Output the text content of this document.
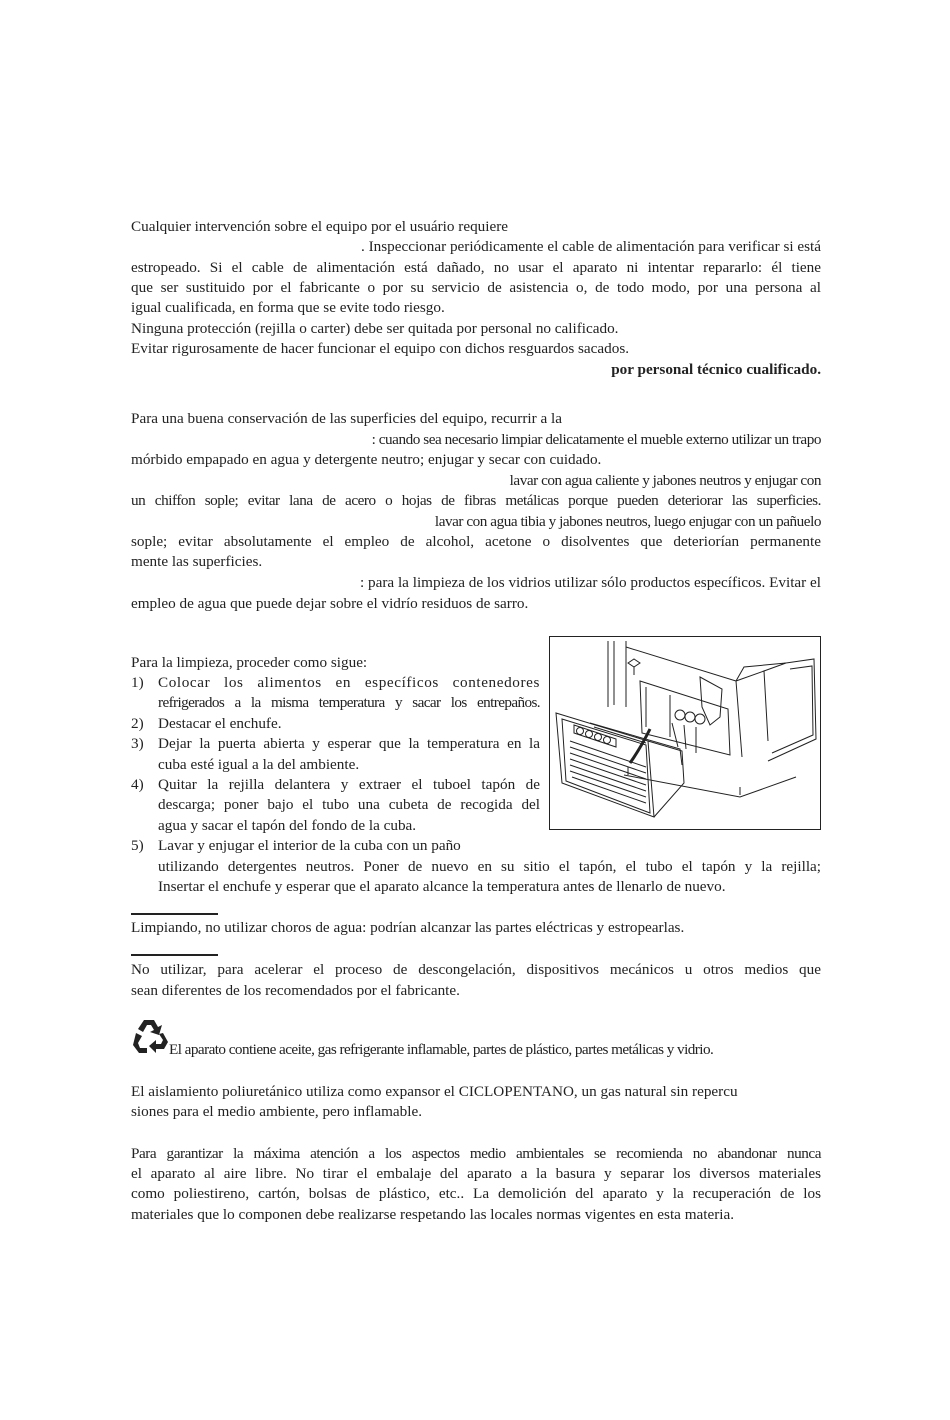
Cualquier intervención sobre el equipo por el usuário requiere

. Inspeccionar periódicamente el cable de alimentación para verificar si está

estropeado. Si el cable de alimentación está dañado, no usar el aparato ni intentar repararlo: él tiene

que ser sustituido por el fabricante o por su servicio de asistencia o, de todo modo, por una persona al

igual cualificada, en forma que se evite todo riesgo.

Ninguna protección (rejilla o carter) debe ser quitada por personal no calificado.

Evitar rigurosamente de hacer funcionar el equipo con dichos resguardos sacados.

por personal técnico cualificado.

Para una buena conservación de las superficies del equipo, recurrir a la

: cuando sea necesario limpiar delicatamente el mueble externo utilizar un trapo

mórbido empapado en agua y detergente neutro; enjugar y secar con cuidado.

lavar con agua caliente y jabones neutros y enjugar con

un chiffon sople; evitar lana de acero o hojas de fibras metálicas porque pueden deteriorar las superficies.

lavar con agua tibia y jabones neutros, luego enjugar con un pañuelo

sople; evitar absolutamente el empleo de alcohol, acetone o disolventes que deteriorían permanente

mente las superficies.

: para la limpieza de los vidrios utilizar sólo productos específicos. Evitar el

empleo de agua que puede dejar sobre el vidrío residuos de sarro.

Para la limpieza, proceder como sigue:

1) Colocar los alimentos en específicos contenedores

refrigerados a la misma temperatura y sacar los entrepaños.

2) Destacar el enchufe.

3) Dejar la puerta abierta y esperar que la temperatura en la

cuba esté igual a la del ambiente.

4) Quitar la rejilla delantera y extraer el tuboel tapón de

descarga; poner bajo el tubo una cubeta de recogida del

agua y sacar el tapón del fondo de la cuba.

5) Lavar y enjugar el interior de la cuba con un paño

utilizando detergentes neutros. Poner de nuevo en su sitio el tapón, el tubo el tapón y la rejilla;

Insertar el enchufe y esperar que el aparato alcance la temperatura antes de llenarlo de nuevo.

Limpiando, no utilizar choros de agua: podrían alcanzar las partes eléctricas y estropearlas.

No utilizar, para acelerar el proceso de descongelación, dispositivos mecánicos u otros medios que

sean diferentes de los recomendados por el fabricante.

El aparato contiene aceite, gas refrigerante inflamable, partes de plástico, partes metálicas y vidrio.

El aislamiento poliuretánico utiliza como expansor el CICLOPENTANO, un gas natural sin repercu

siones para el medio ambiente, pero inflamable.

Para garantizar la máxima atención a los aspectos medio ambientales se recomienda no abandonar nunca

el aparato al aire libre. No tirar el embalaje del aparato a la basura y separar los diversos materiales

como poliestireno, cartón, bolsas de plástico, etc.. La demolición del aparato y la recuperación de los

materiales que lo componen debe realizarse respetando las locales normas vigentes en esta materia.
